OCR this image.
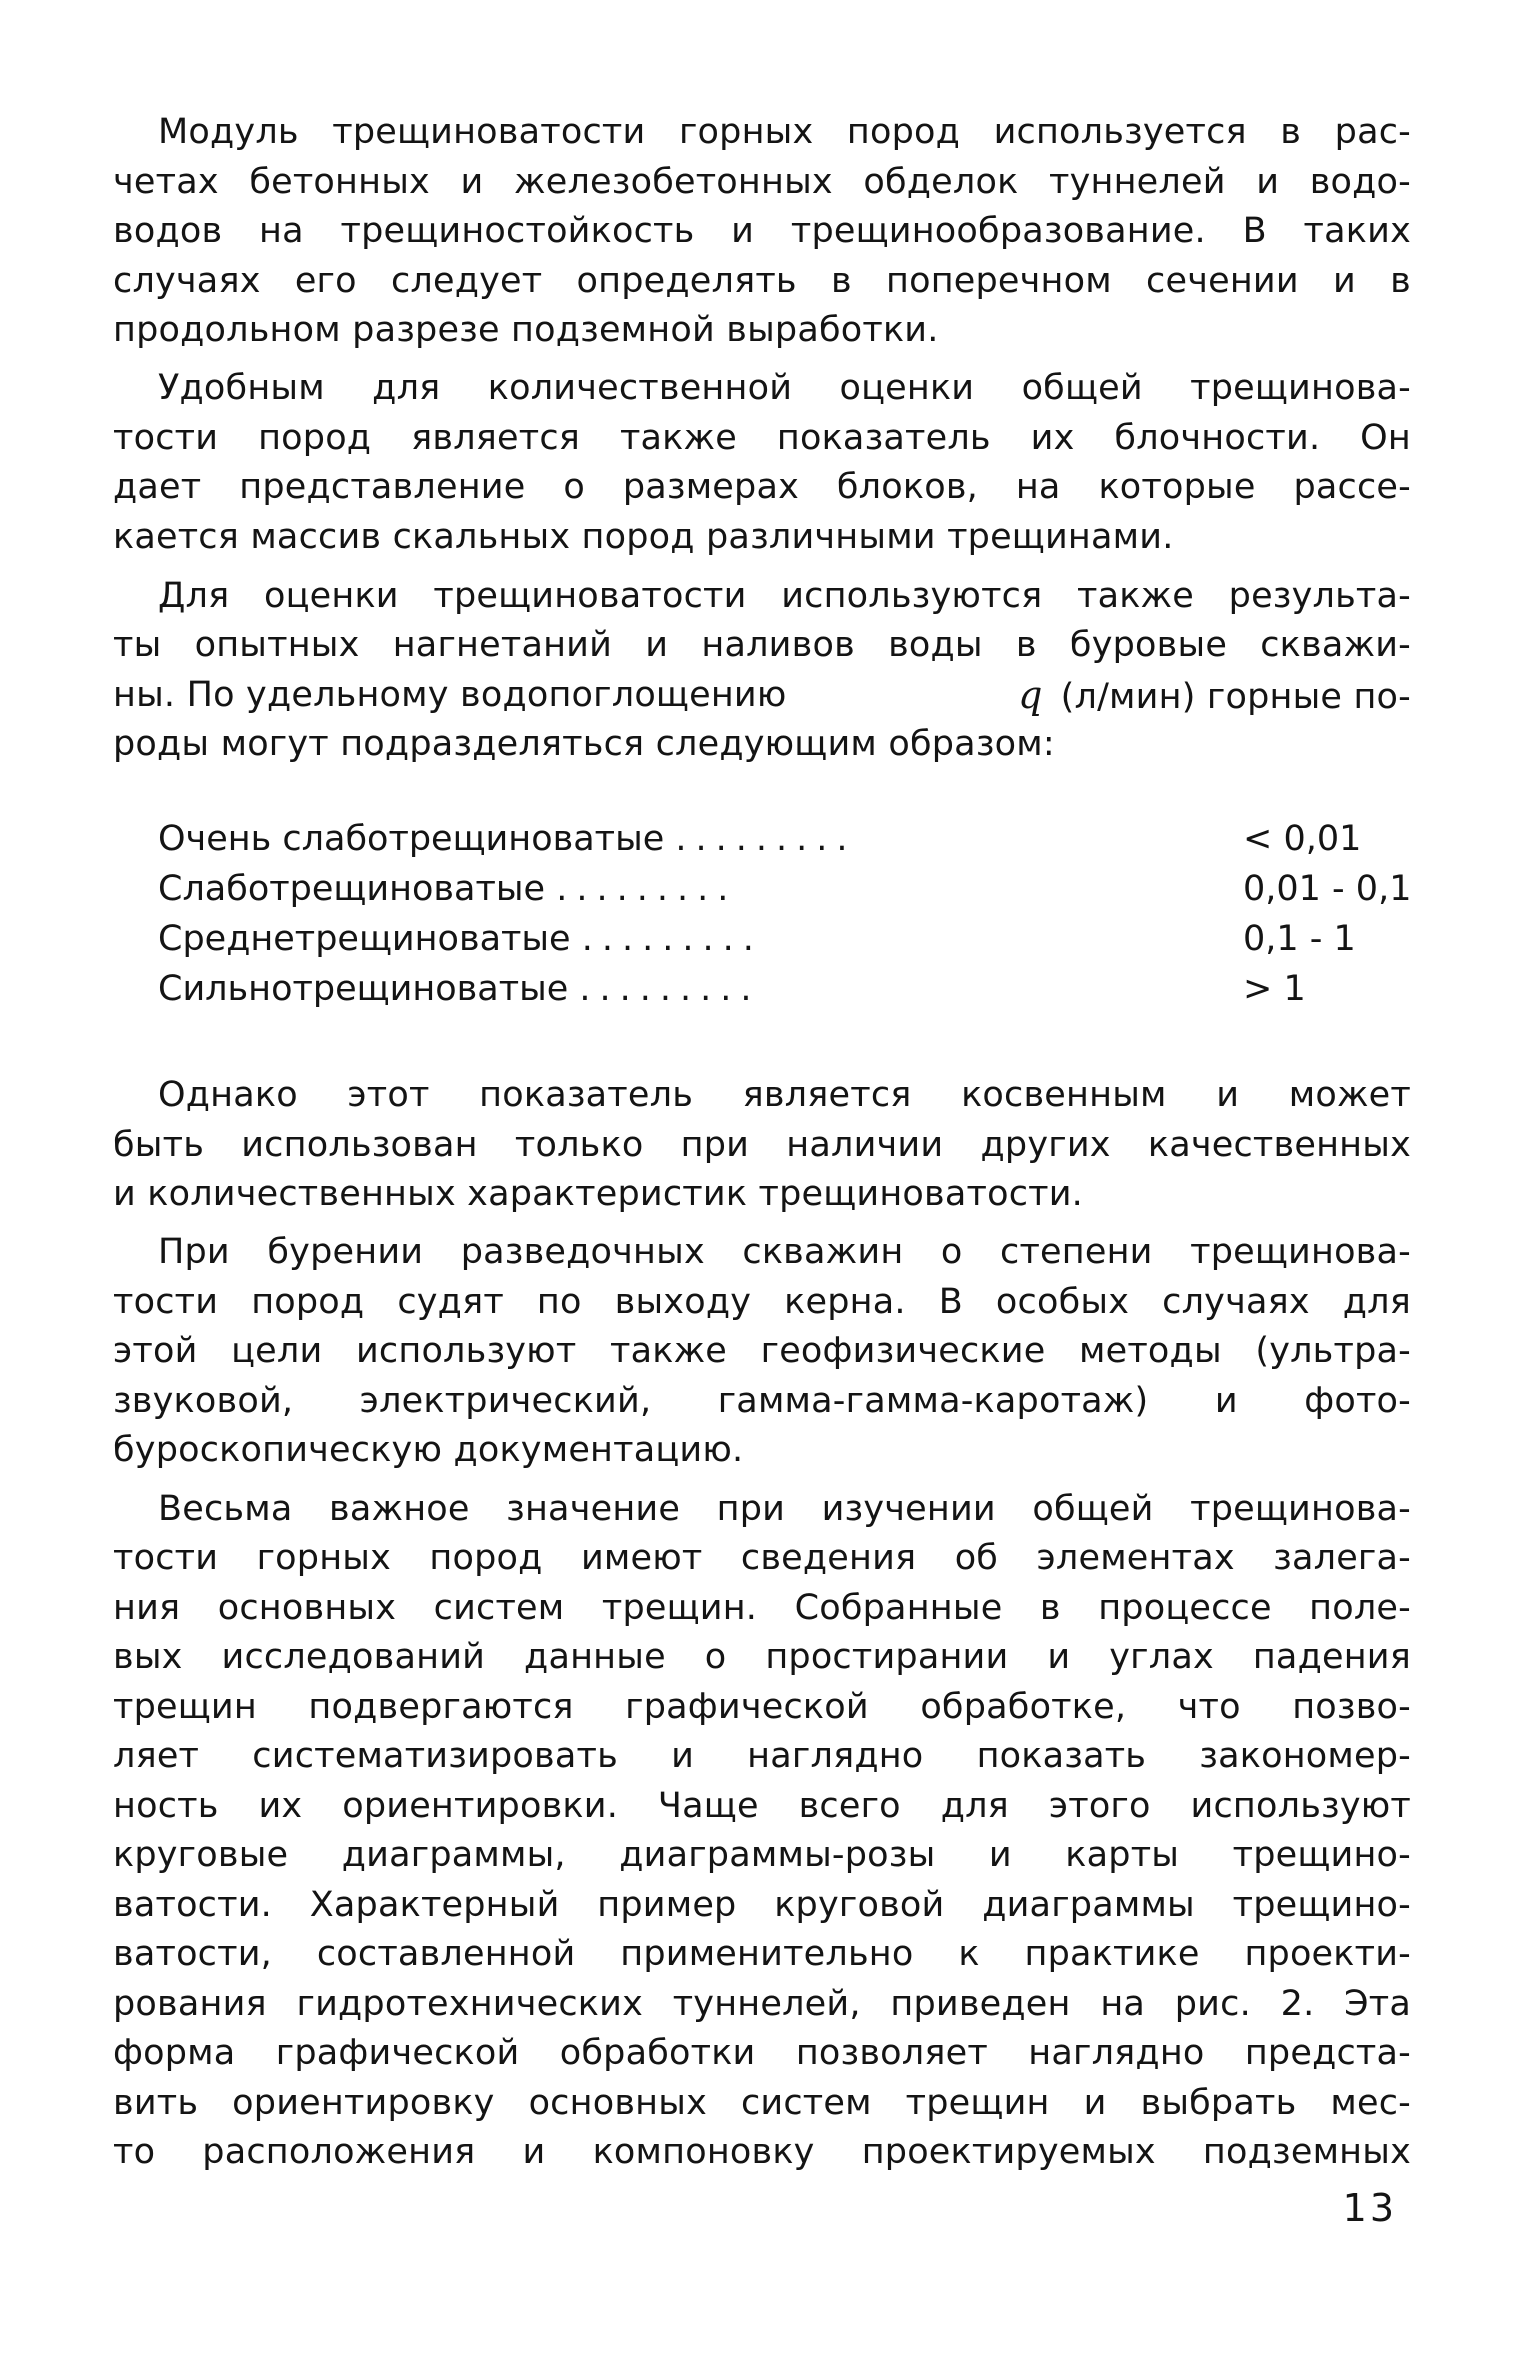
Модуль трещиноватости горных пород используется в рас-
четах бетонных и железобетонных обделок туннелей и водо-
водов на трещиностойкость и трещинообразование. В таких
случаях его следует определять в поперечном сечении и в
продольном разрезе подземной выработки.
Удобным для количественной оценки общей трещинова-
тости пород является также показатель их блочности. Он
дает представление о размерах блоков, на которые рассе-
кается массив скальных пород различными трещинами.
Для оценки трещиноватости используются также результа-
ты опытных нагнетаний и наливов воды в буровые скважи-
ны. По удельному водопоглощению	q (л/мин) горные по-
роды могут подразделяться следующим образом:
Очень слаботрещиноватые .........	< 0,01
Слаботрещиноватые .........	0,01 - 0,1
Среднетрещиноватые .........	0,1 - 1
Сильнотрещиноватые .........	> 1
Однако этот показатель является косвенным и может
быть использован только при наличии других качественных
и количественных характеристик трещиноватости.
При бурении разведочных скважин о степени трещинова-
тости пород судят по выходу керна. В особых случаях для
этой цели используют также геофизические методы (ультра-
звуковой, электрический, гамма-гамма-каротаж) и фото-
буроскопическую документацию.
Весьма важное значение при изучении общей трещинова-
тости горных пород имеют сведения об элементах залега-
ния основных систем трещин. Собранные в процессе поле-
вых исследований данные о простирании и углах падения
трещин подвергаются графической обработке, что позво-
ляет систематизировать и наглядно показать закономер-
ность их ориентировки. Чаще всего для этого используют
круговые диаграммы, диаграммы-розы и карты трещино-
ватости. Характерный пример круговой диаграммы трещино-
ватости, составленной применительно к практике проекти-
рования гидротехнических туннелей, приведен на рис. 2. Эта
форма графической обработки позволяет наглядно предста-
вить ориентировку основных систем трещин и выбрать мес-
то расположения и компоновку проектируемых подземных
13
